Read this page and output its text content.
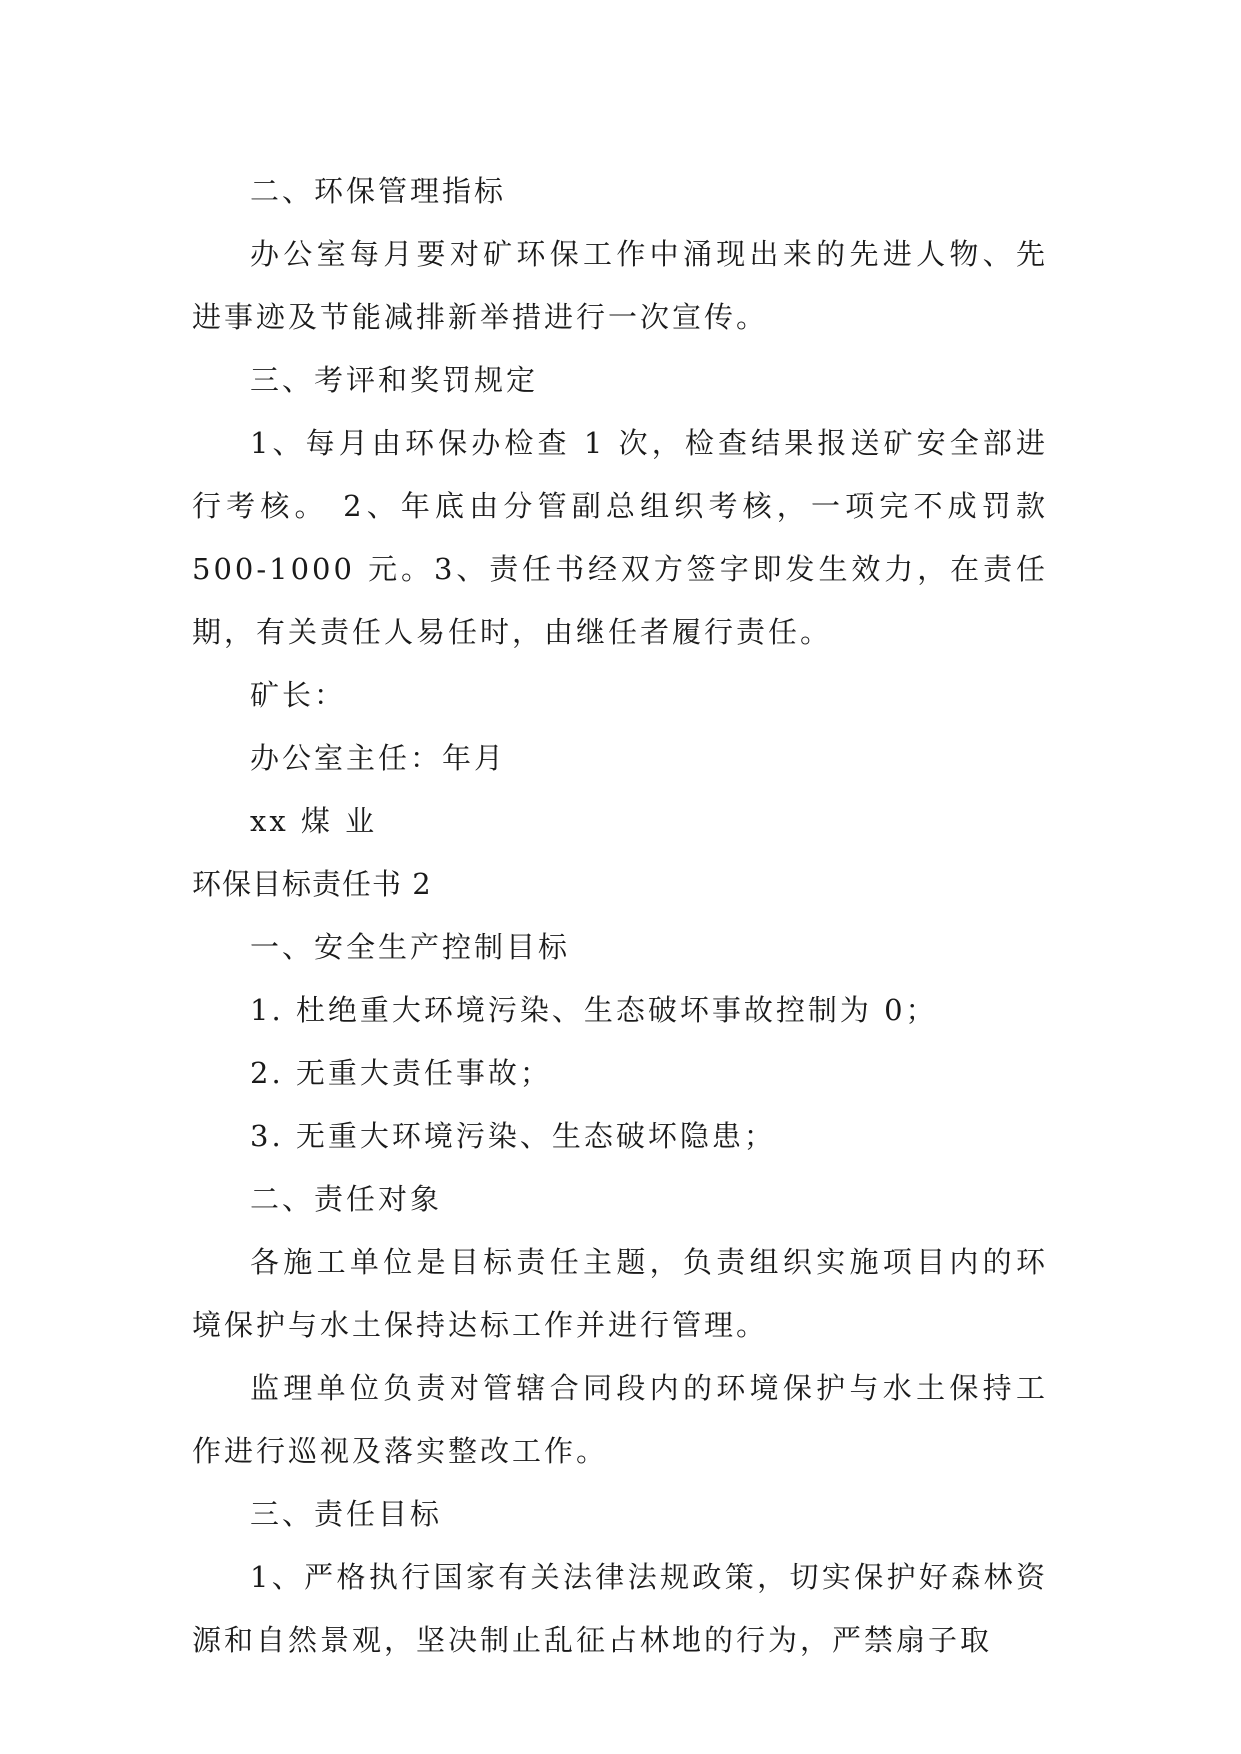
二、环保管理指标

办公室每月要对矿环保工作中涌现出来的先进人物、先进事迹及节能减排新举措进行一次宣传。

三、考评和奖罚规定

1、每月由环保办检查 1 次，检查结果报送矿安全部进行考核。 2、年底由分管副总组织考核，一项完不成罚款 500-1000 元。3、责任书经双方签字即发生效力，在责任期，有关责任人易任时，由继任者履行责任。

矿长：

办公室主任：年月

xx 煤 业

环保目标责任书 2

一、安全生产控制目标

1. 杜绝重大环境污染、生态破坏事故控制为 0；

2. 无重大责任事故；

3. 无重大环境污染、生态破坏隐患；

二、责任对象

各施工单位是目标责任主题，负责组织实施项目内的环境保护与水土保持达标工作并进行管理。

监理单位负责对管辖合同段内的环境保护与水土保持工作进行巡视及落实整改工作。

三、责任目标

1、严格执行国家有关法律法规政策，切实保护好森林资源和自然景观，坚决制止乱征占林地的行为，严禁扇子取
